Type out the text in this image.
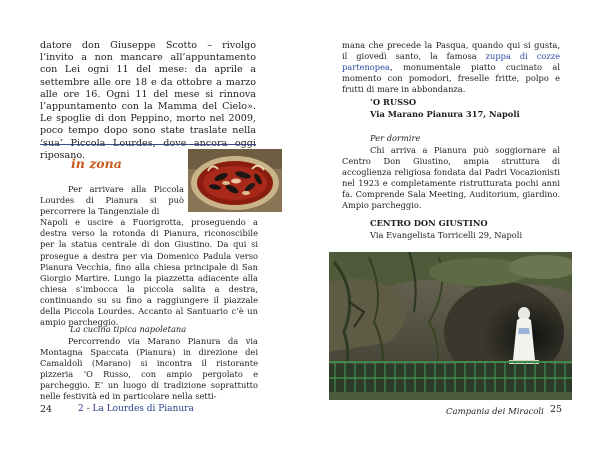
datore don Giuseppe Scotto – rivolgo l’invito a non mancare all’appuntamento con Lei ogni 11 del mese: da aprile a settembre alle ore 18 e da ottobre a marzo alle ore 16. Ogni 11 del mese si rinnova l’appuntamento con la Mamma del Cielo». Le spoglie di don Peppino, morto nel 2009, poco tempo dopo sono state traslate nella riposano.
in zona
Per arrivare alla Piccola Lourdes di Pianura si può percorrere la Tangenziale di
Napoli e uscire a Fuorigrotta, proseguendo a destra verso la rotonda di Pianura, riconoscibile per la statua centrale di don Giustino. Da qui si prosegue a destra per via Domenico Padula verso Pianura Vecchia, fino alla chiesa principale di San Giorgio Martire. Lungo la piazzetta adiacente alla chiesa s’imbocca la piccola salita a destra, continuando su su fino a raggiungere il piazzale della Piccola Lourdes. Accanto al Santuario c’è un ampio parcheggio.
La cucina tipica napoletana
Percorrendo via Marano Pianura da via Montagna Spaccata (Pianura) in direzione dei Camaldoli (Marano) si incontra il ristorante pizzeria ‘O Russo, con ampio pergolato e parcheggio. E’ un luogo di tradizione soprattutto nelle festività ed in particolare nella setti-
24	2 - La Lourdes di Pianura
mana che precede la Pasqua, quando qui si gusta, il giovedì santo, la famosa zuppa di cozze partenopea, monumentale piatto cucinato al momento con pomodori, freselle fritte, polpo e frutti di mare in abbondanza.
‘O RUSSO
Via Marano Pianura 317, Napoli
Per dormire
Chi arriva a Pianura può soggiornare al Centro Don Giustino, ampia struttura di accoglienza religiosa fondata dai Padri Vocazionisti nel 1923 e completamente ristrutturata pochi anni fa. Comprende Sala Meeting, Auditorium, giardino. Ampio parcheggio.
CENTRO DON GIUSTINO
Via Evangelista Torricelli 29, Napoli
Campania dei Miracoli 25
